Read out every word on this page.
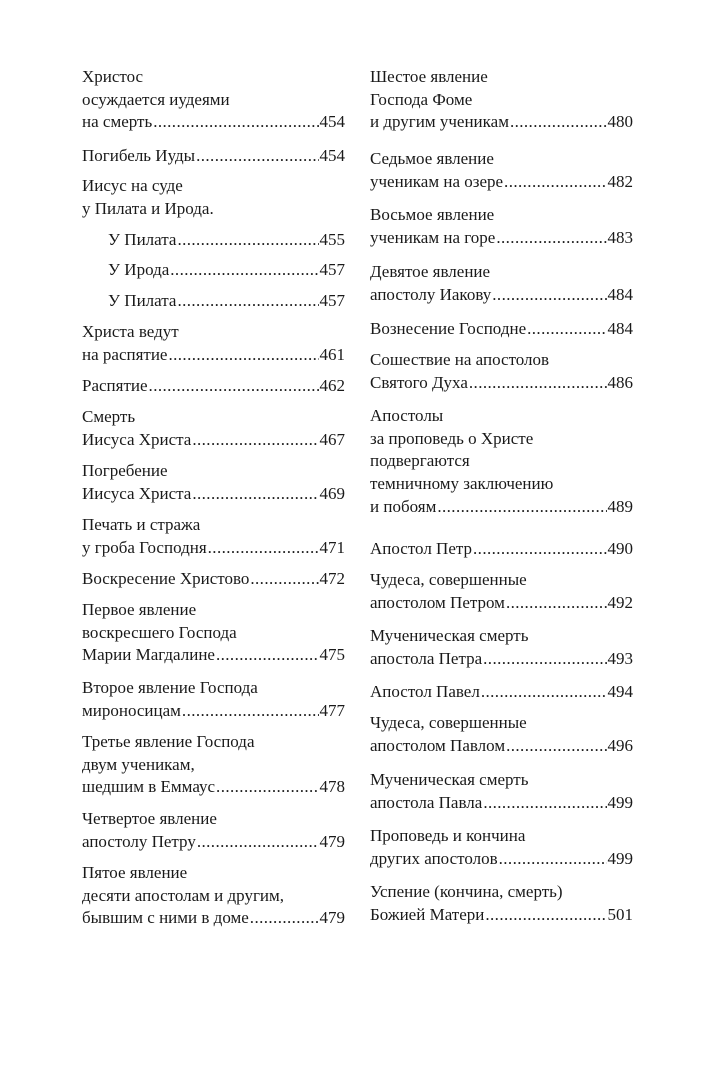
Христос
осуждается иудеями
на смерть .....	454
Погибель Иуды .....	454
Иисус на суде
у Пилата и Ирода.
У Пилата .....	455
У Ирода .....	457
У Пилата .....	457
Христа ведут
на распятие .....	461
Распятие .....	462
Смерть
Иисуса Христа .....	467
Погребение
Иисуса Христа .....	469
Печать и стража
у гроба Господня .....	471
Воскресение Христово .....	472
Первое явление
воскресшего Господа
Марии Магдалине .....	475
Второе явление Господа
мироносицам .....	477
Третье явление Господа
двум ученикам,
шедшим в Еммаус .....	478
Четвертое явление
апостолу Петру .....	479
Пятое явление
десяти апостолам и другим,
бывшим с ними в доме .....	479
Шестое явление
Господа Фоме
и другим ученикам .....	480
Седьмое явление
ученикам на озере .....	482
Восьмое явление
ученикам на горе .....	483
Девятое явление
апостолу Иакову .....	484
Вознесение Господне .....	484
Сошествие на апостолов
Святого Духа .....	486
Апостолы
за проповедь о Христе
подвергаются
темничному заключению
и побоям .....	489
Апостол Петр .....	490
Чудеса, совершенные
апостолом Петром .....	492
Мученическая смерть
апостола Петра .....	493
Апостол Павел .....	494
Чудеса, совершенные
апостолом Павлом .....	496
Мученическая смерть
апостола Павла .....	499
Проповедь и кончина
других апостолов .....	499
Успение (кончина, смерть)
Божией Матери .....	501
